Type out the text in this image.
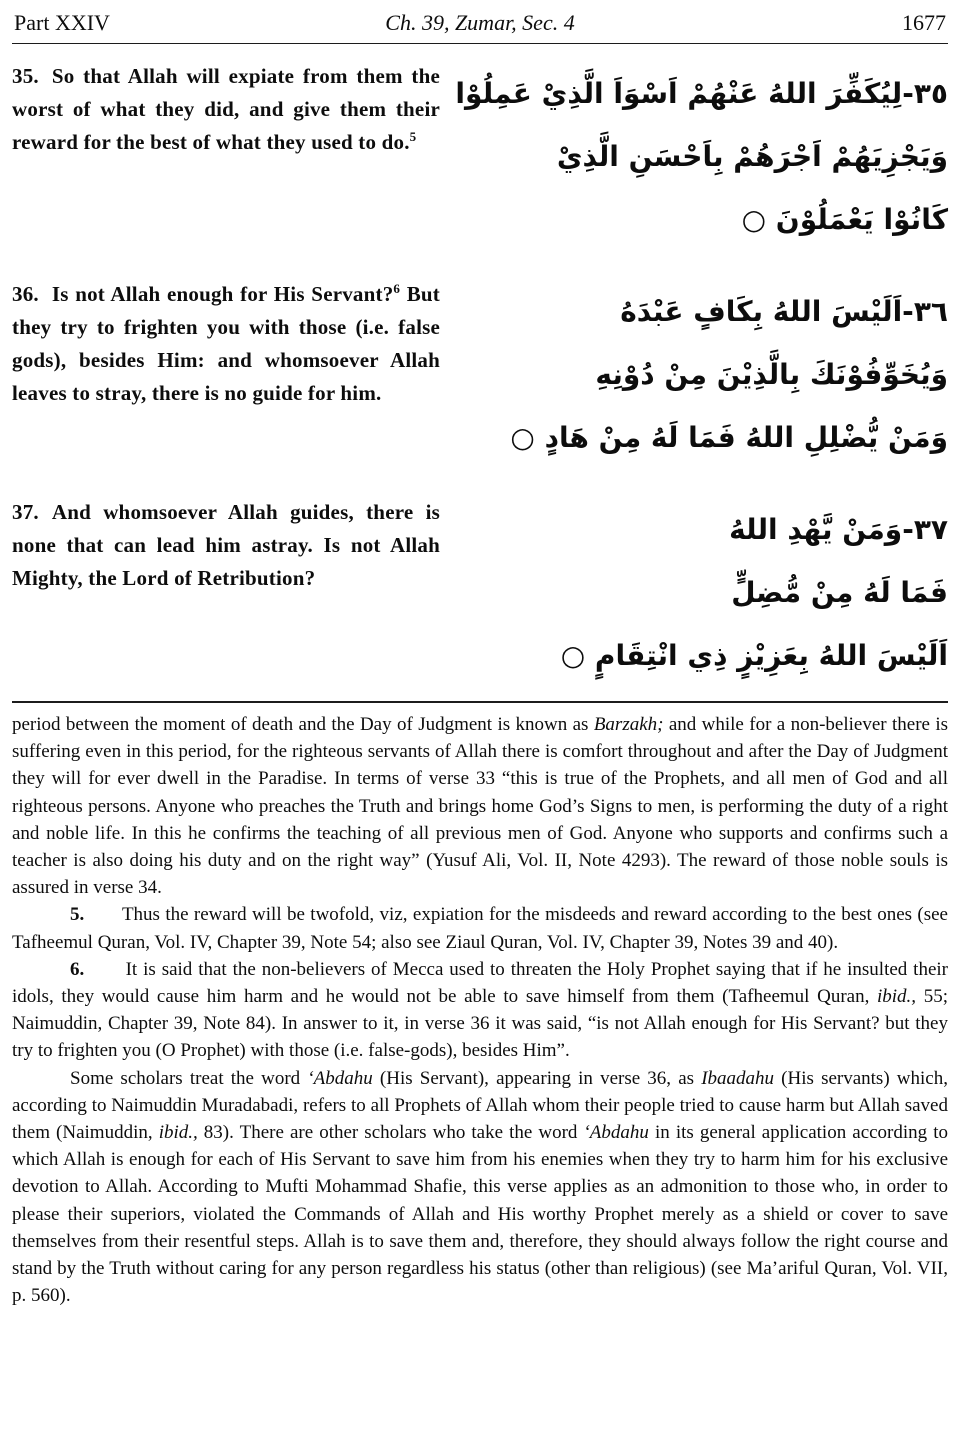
Part XXIV	Ch. 39, Zumar, Sec. 4	1677

35. So that Allah will expiate from them the worst of what they did, and give them their reward for the best of what they used to do.$^5$

٣٥-لِيُكَفِّرَ اللهُ عَنْهُمْ اَسْوَاَ الَّذِيْ عَمِلُوْا
وَيَجْزِيَهُمْ اَجْرَهُمْ بِاَحْسَنِ الَّذِيْ
كَانُوْا يَعْمَلُوْنَ ○

36. Is not Allah enough for His Servant?$^6$ But they try to frighten you with those (i.e. false gods), besides Him: and whomsoever Allah leaves to stray, there is no guide for him.

٣٦-اَلَيْسَ اللهُ بِكَافٍ عَبْدَهُ
وَيُخَوِّفُوْنَكَ بِالَّذِيْنَ مِنْ دُوْنِهِ
وَمَنْ يُّضْلِلِ اللهُ فَمَا لَهُ مِنْ هَادٍ ○

37. And whomsoever Allah guides, there is none that can lead him astray. Is not Allah Mighty, the Lord of Retribution?

٣٧-وَمَنْ يَّهْدِ اللهُ
فَمَا لَهُ مِنْ مُّضِلٍّ
اَلَيْسَ اللهُ بِعَزِيْزٍ ذِي انْتِقَامٍ ○

period between the moment of death and the Day of Judgment is known as Barzakh; and while for a non-believer there is suffering even in this period, for the righteous servants of Allah there is comfort throughout and after the Day of Judgment they will for ever dwell in the Paradise. In terms of verse 33 “this is true of the Prophets, and all men of God and all righteous persons. Anyone who preaches the Truth and brings home God’s Signs to men, is performing the duty of a right and noble life. In this he confirms the teaching of all previous men of God. Anyone who supports and confirms such a teacher is also doing his duty and on the right way” (Yusuf Ali, Vol. II, Note 4293). The reward of those noble souls is assured in verse 34.

5.       Thus the reward will be twofold, viz, expiation for the misdeeds and reward according to the best ones (see Tafheemul Quran, Vol. IV, Chapter 39, Note 54; also see Ziaul Quran, Vol. IV, Chapter 39, Notes 39 and 40).

6.       It is said that the non-believers of Mecca used to threaten the Holy Prophet saying that if he insulted their idols, they would cause him harm and he would not be able to save himself from them (Tafheemul Quran, ibid., 55; Naimuddin, Chapter 39, Note 84). In answer to it, in verse 36 it was said, “is not Allah enough for His Servant? but they try to frighten you (O Prophet) with those (i.e. false-gods), besides Him”.

Some scholars treat the word ‘Abdahu (His Servant), appearing in verse 36, as Ibaadahu (His servants) which, according to Naimuddin Muradabadi, refers to all Prophets of Allah whom their people tried to cause harm but Allah saved them (Naimuddin, ibid., 83). There are other scholars who take the word ‘Abdahu in its general application according to which Allah is enough for each of His Servant to save him from his enemies when they try to harm him for his exclusive devotion to Allah. According to Mufti Mohammad Shafie, this verse applies as an admonition to those who, in order to please their superiors, violated the Commands of Allah and His worthy Prophet merely as a shield or cover to save themselves from their resentful steps. Allah is to save them and, therefore, they should always follow the right course and stand by the Truth without caring for any person regardless his status (other than religious) (see Ma’ariful Quran, Vol. VII, p. 560).
